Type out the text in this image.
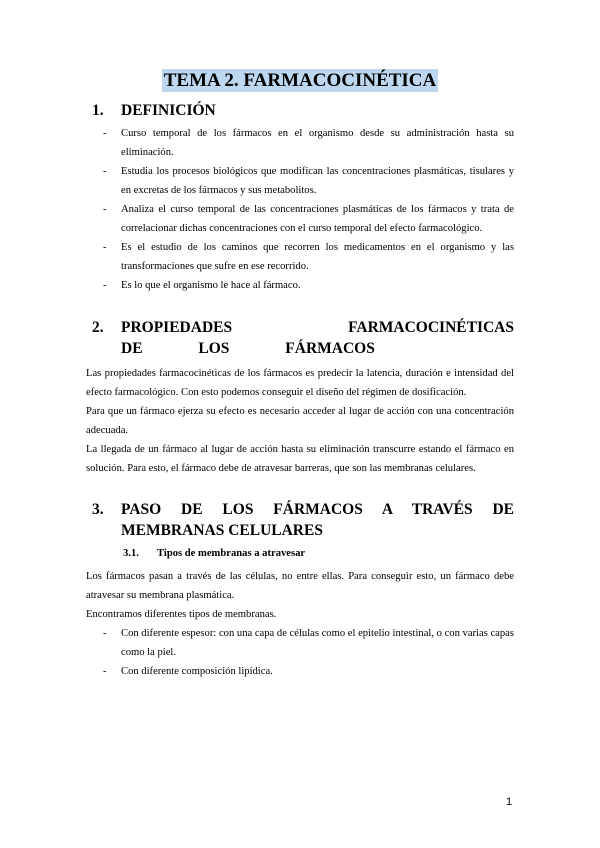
TEMA 2. FARMACOCINÉTICA
1. DEFINICIÓN
- Curso temporal de los fármacos en el organismo desde su administración hasta su eliminación.
- Estudia los procesos biológicos que modifican las concentraciones plasmáticas, tisulares y en excretas de los fármacos y sus metabolitos.
- Analiza el curso temporal de las concentraciones plasmáticas de los fármacos y trata de correlacionar dichas concentraciones con el curso temporal del efecto farmacológico.
- Es el estudio de los caminos que recorren los medicamentos en el organismo y las transformaciones que sufre en ese recorrido.
- Es lo que el organismo le hace al fármaco.
2.	PROPIEDADES FARMACOCINÉTICAS DE LOS FÁRMACOS

Las propiedades farmacocinéticas de los fármacos es predecir la latencia, duración e intensidad del efecto farmacológico. Con esto podemos conseguir el diseño del régimen de dosificación.

Para que un fármaco ejerza su efecto es necesario acceder al lugar de acción con una concentración adecuada.

La llegada de un fármaco al lugar de acción hasta su eliminación transcurre estando el fármaco en solución. Para esto, el fármaco debe de atravesar barreras, que son las membranas celulares.

3.	PASO DE LOS FÁRMACOS A TRAVÉS DE MEMBRANAS CELULARES
3.1. Tipos de membranas a atravesar

Los fármacos pasan a través de las células, no entre ellas. Para conseguir esto, un fármaco debe atravesar su membrana plasmática.

Encontramos diferentes tipos de membranas.

- Con diferente espesor: con una capa de células como el epitelio intestinal, o con varias capas como la piel.
- Con diferente composición lipídica.
1
